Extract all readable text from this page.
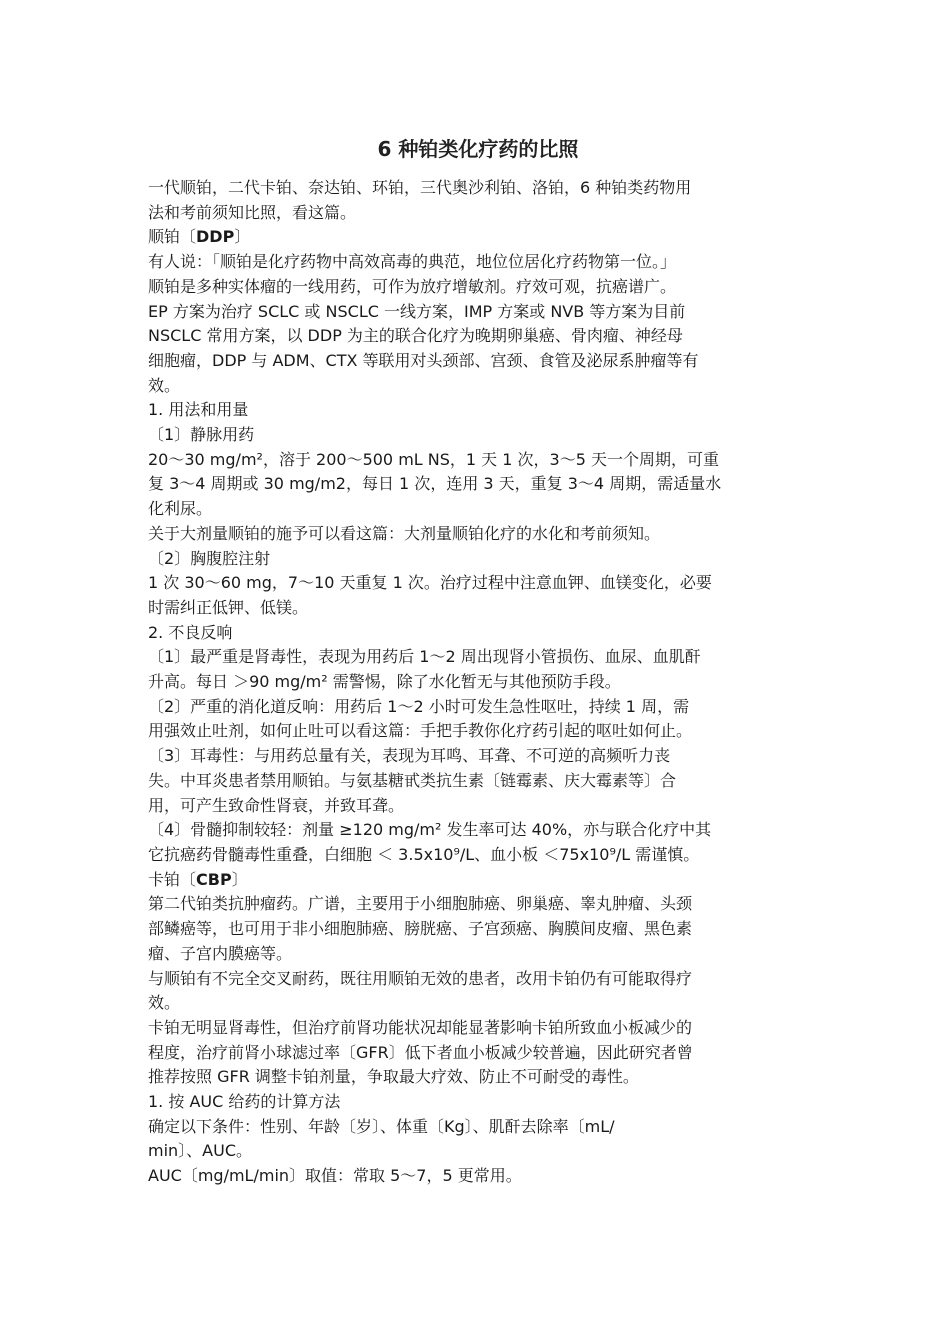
6 种铂类化疗药的比照

一代顺铂，二代卡铂、奈达铂、环铂，三代奥沙利铂、洛铂，6 种铂类药物用

法和考前须知比照，看这篇。

顺铂〔DDP〕

有人说：「顺铂是化疗药物中高效高毒的典范，地位位居化疗药物第一位。」

顺铂是多种实体瘤的一线用药，可作为放疗增敏剂。疗效可观，抗癌谱广。

EP 方案为治疗 SCLC 或 NSCLC 一线方案，IMP 方案或 NVB 等方案为目前

NSCLC 常用方案，以 DDP 为主的联合化疗为晚期卵巢癌、骨肉瘤、神经母

细胞瘤，DDP 与 ADM、CTX 等联用对头颈部、宫颈、食管及泌尿系肿瘤等有

效。

1. 用法和用量

〔1〕静脉用药

20～30 mg/m²，溶于 200～500 mL NS，1 天 1 次，3～5 天一个周期，可重

复 3～4 周期或 30 mg/m2，每日 1 次，连用 3 天，重复 3～4 周期，需适量水

化利尿。

关于大剂量顺铂的施予可以看这篇：大剂量顺铂化疗的水化和考前须知。

〔2〕胸腹腔注射

1 次 30～60 mg，7～10 天重复 1 次。治疗过程中注意血钾、血镁变化，必要

时需纠正低钾、低镁。

2. 不良反响

〔1〕最严重是肾毒性，表现为用药后 1～2 周出现肾小管损伤、血尿、血肌酐

升高。每日 ＞90 mg/m² 需警惕，除了水化暂无与其他预防手段。

〔2〕严重的消化道反响：用药后 1～2 小时可发生急性呕吐，持续 1 周，需

用强效止吐剂，如何止吐可以看这篇：手把手教你化疗药引起的呕吐如何止。

〔3〕耳毒性：与用药总量有关，表现为耳鸣、耳聋、不可逆的高频听力丧

失。中耳炎患者禁用顺铂。与氨基糖甙类抗生素〔链霉素、庆大霉素等〕合

用，可产生致命性肾衰，并致耳聋。

〔4〕骨髓抑制较轻：剂量 ≥120 mg/m² 发生率可达 40%，亦与联合化疗中其

它抗癌药骨髓毒性重叠，白细胞 ＜ 3.5x10⁹/L、血小板 ＜75x10⁹/L 需谨慎。

卡铂〔CBP〕

第二代铂类抗肿瘤药。广谱，主要用于小细胞肺癌、卵巢癌、睾丸肿瘤、头颈

部鳞癌等，也可用于非小细胞肺癌、膀胱癌、子宫颈癌、胸膜间皮瘤、黑色素

瘤、子宫内膜癌等。

与顺铂有不完全交叉耐药，既往用顺铂无效的患者，改用卡铂仍有可能取得疗

效。

卡铂无明显肾毒性，但治疗前肾功能状况却能显著影响卡铂所致血小板减少的

程度，治疗前肾小球滤过率〔GFR〕低下者血小板减少较普遍，因此研究者曾

推荐按照 GFR 调整卡铂剂量，争取最大疗效、防止不可耐受的毒性。

1. 按 AUC 给药的计算方法

确定以下条件：性别、年龄〔岁〕、体重〔Kg〕、肌酐去除率〔mL/

min〕、AUC。

AUC〔mg/mL/min〕取值：常取 5～7，5 更常用。
